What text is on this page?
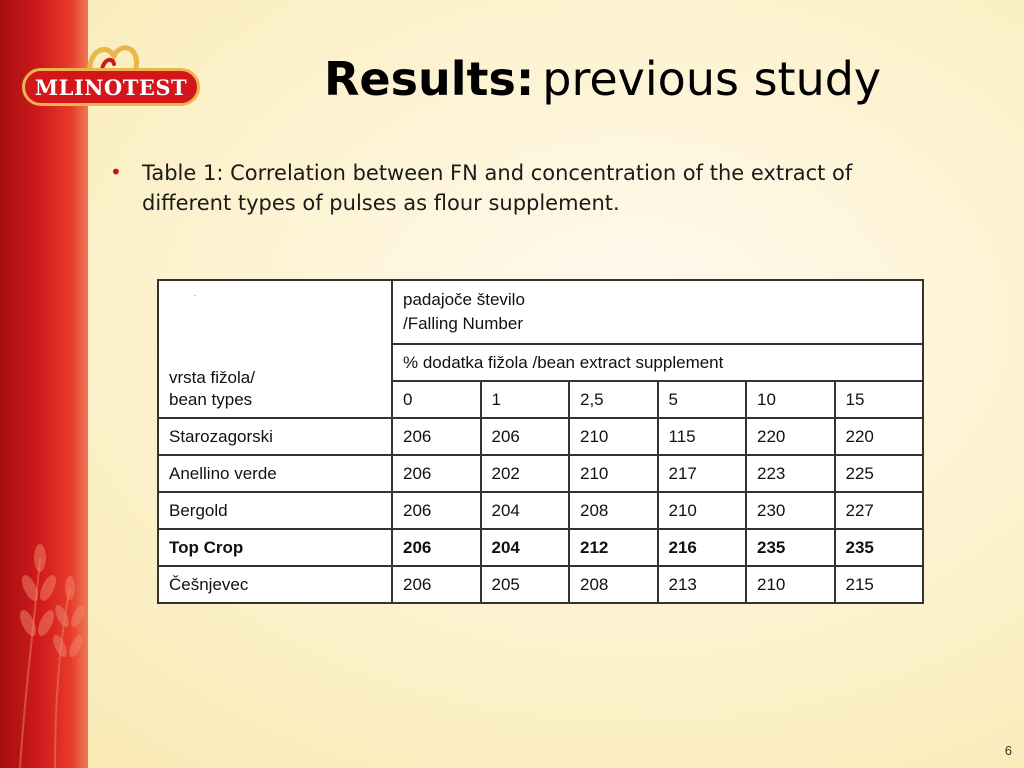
MLINOTEST	Results: previous study
• Table 1: Correlation between FN and concentration of the extract of different types of pulses as flour supplement.
.
vrsta fižola/
bean types	padajoče število
/Falling Number					
	% dodatka fižola /bean extract supplement					
	0	1	2,5	5	10	15
Starozagorski	206	206	210	115	220	220
Anellino verde	206	202	210	217	223	225
Bergold	206	204	208	210	230	227
Top Crop	206	204	212	216	235	235
Češnjevec	206	205	208	213	210	215
6
